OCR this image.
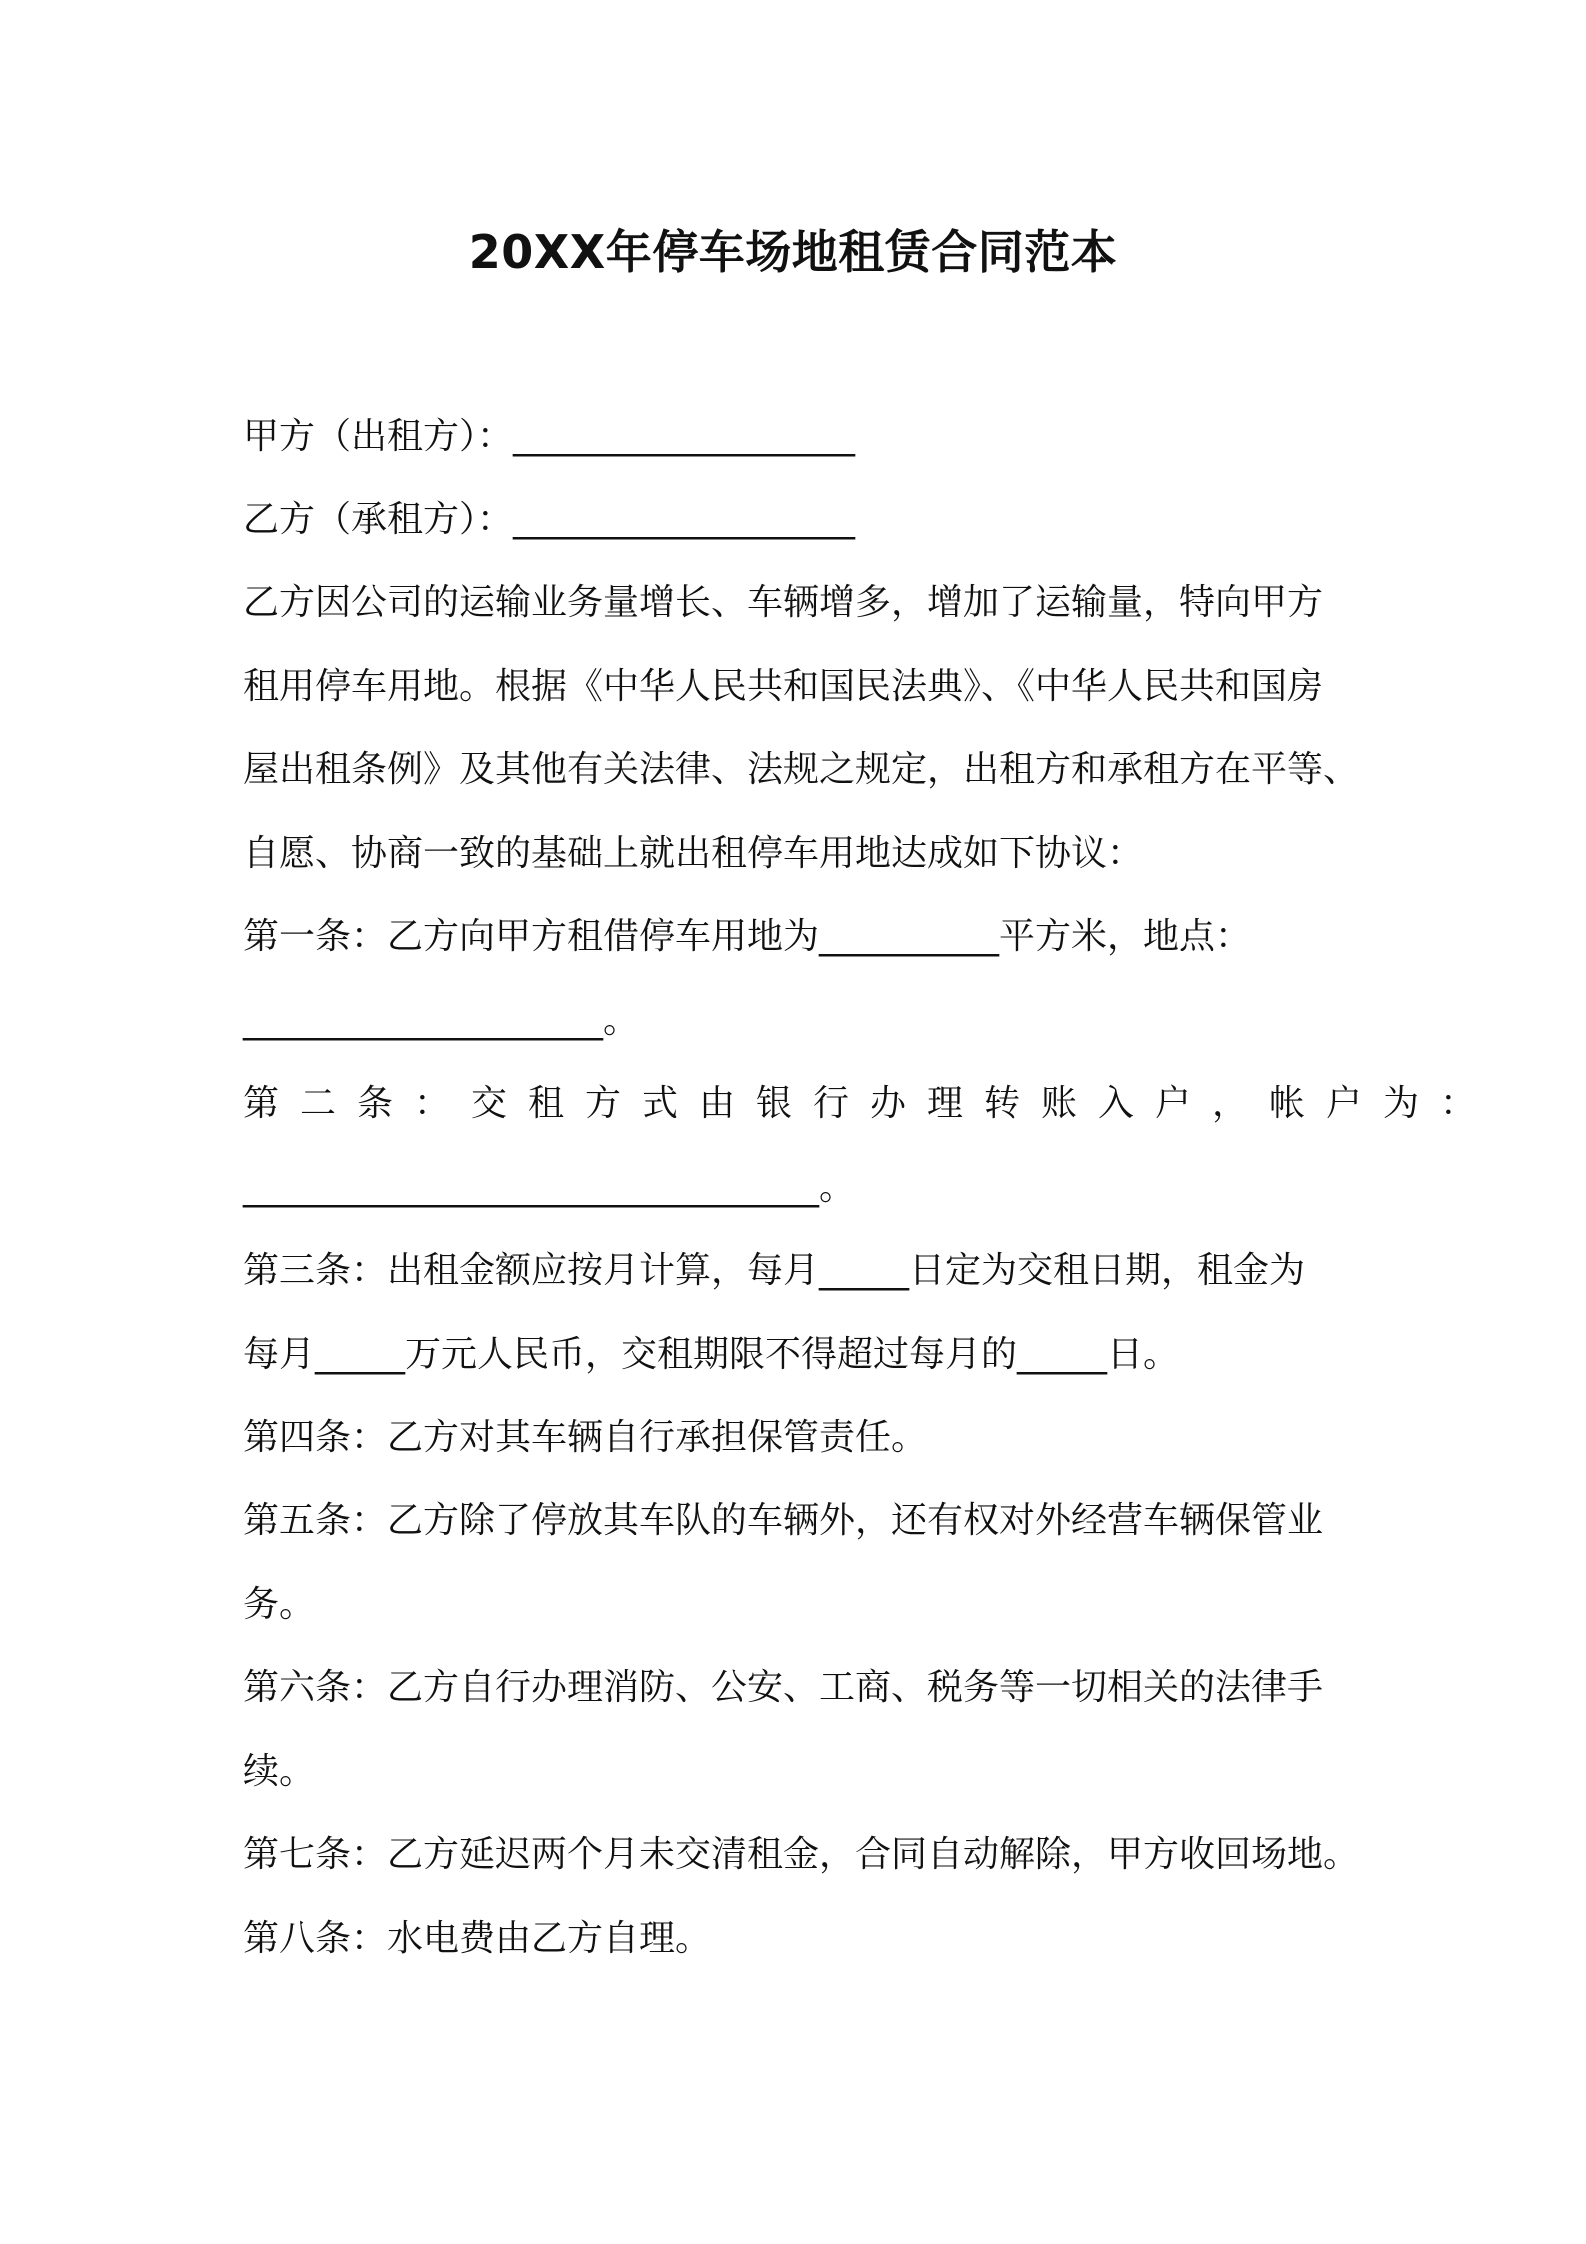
20XX年停车场地租赁合同范本
甲方（出租方）：___________________
乙方（承租方）：___________________
乙方因公司的运输业务量增长、车辆增多，增加了运输量，特向甲方
租用停车用地。根据《中华人民共和国民法典》、《中华人民共和国房
屋出租条例》及其他有关法律、法规之规定，出租方和承租方在平等、
自愿、协商一致的基础上就出租停车用地达成如下协议：
第一条：乙方向甲方租借停车用地为__________平方米，地点：
____________________。
第二条：交租方式由银行办理转账入户，帐户为：
________________________________。
第三条：出租金额应按月计算，每月_____日定为交租日期，租金为
每月_____万元人民币，交租期限不得超过每月的_____日。
第四条：乙方对其车辆自行承担保管责任。
第五条：乙方除了停放其车队的车辆外，还有权对外经营车辆保管业
务。
第六条：乙方自行办理消防、公安、工商、税务等一切相关的法律手
续。
第七条：乙方延迟两个月未交清租金，合同自动解除，甲方收回场地。
第八条：水电费由乙方自理。
